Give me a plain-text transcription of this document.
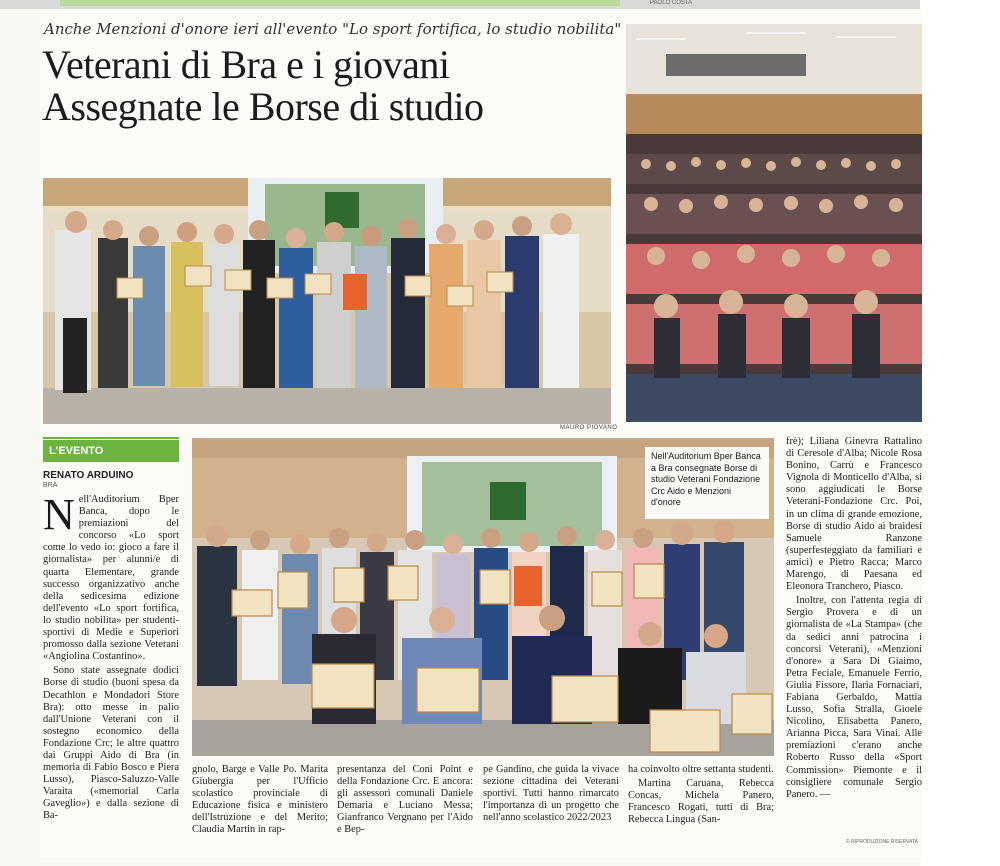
PAOLO COSTA
Anche Menzioni d'onore ieri all'evento "Lo sport fortifica, lo studio nobilita"
Veterani di Bra e i giovani
Assegnate le Borse di studio
MAURO PIOVANO
Nell'Auditorium Bper Banca a Bra consegnate Borse di studio Veterani Fondazione Crc Aido e Menzioni d'onore
L'EVENTO
RENATO ARDUINO
BRA

Nell'Auditorium Bper Banca, dopo le premiazioni del concorso «Lo sport come lo vedo io: gioco a fare il giornalista» per alunni/e di quarta Elementare, grande successo organizzativo anche della sedicesima edizione dell'evento «Lo sport fortifica, lo studio nobilita» per studenti-sportivi di Medie e Superiori promosso dalla sezione Veterani «Angiolina Costantino».

Sono state assegnate dodici Borse di studio (buoni spesa da Decathlon e Mondadori Store Bra): otto messe in palio dall'Unione Veterani con il sostegno economico della Fondazione Crc; le altre quattro dai Gruppi Aido di Bra (in memoria di Fabio Bosco e Piera Lusso), Piasco-Saluzzo-Valle Varaita («memorial Carla Gaveglio») e dalla sezione di Ba-

gnolo, Barge e Valle Po. Marita Giubergia per l'Ufficio scolastico provinciale di Educazione fisica e ministero dell'Istruzione e del Merito; Claudia Martin in rap-

presentanza del Coni Point e della Fondazione Crc. E ancora: gli assessori comunali Daniele Demaria e Luciano Messa; Gianfranco Vergnano per l'Aido e Bep-

pe Gandino, che guida la vivace sezione cittadina dei Veterani sportivi. Tutti hanno rimarcato l'importanza di un progetto che nell'anno scolastico 2022/2023

ha coinvolto oltre settanta studenti.

Martina Caruana, Rebecca Concas, Michela Panero, Francesco Rogati, tutti di Bra; Rebecca Lingua (San-

frè); Liliana Ginevra Rattalino di Ceresole d'Alba; Nicole Rosa Bonino, Carrù e Francesco Vignola di Monticello d'Alba, si sono aggiudicati le Borse Veterani-Fondazione Crc. Poi, in un clima di grande emozione, Borse di studio Aido ai braidesi Samuele Ranzone (superfesteggiato da familiari e amici) e Pietro Racca; Marco Marengo, di Paesana ed Eleonora Tranchero, Piasco.

Inoltre, con l'attenta regia di Sergio Provera e di un giornalista de «La Stampa» (che da sedici anni patrocina i concorsi Veterani), «Menzioni d'onore» a Sara Di Giaimo, Petra Feciale, Emanuele Ferrio, Giulia Fissore, Ilaria Fornaciari, Fabiana Gerbaldo, Mattia Lusso, Sofia Stralla, Gioele Nicolino, Elisabetta Panero, Arianna Picca, Sara Vinai. Alle premiazioni c'erano anche Roberto Russo della «Sport Commission» Piemonte e il consigliere comunale Sergio Panero. —

© RIPRODUZIONE RISERVATA
